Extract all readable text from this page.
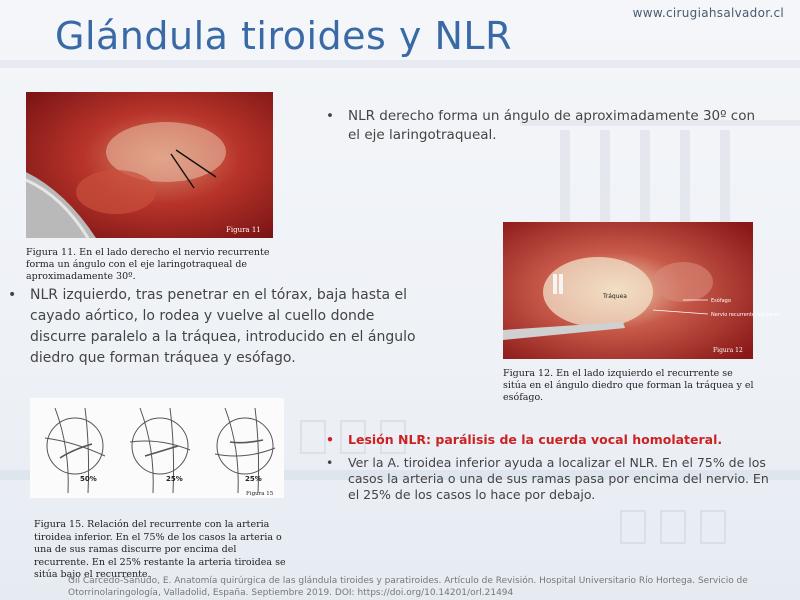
www.cirugiahsalvador.cl
Glándula tiroides y NLR
Figura 11
Figura 11. En el lado derecho el nervio recurrente forma un ángulo con el eje laringotraqueal de aproximadamente 30º.
•	NLR derecho forma un ángulo de aproximadamente 30º con el eje laringotraqueal.
Tráquea
Esófago
Nervio recurrente izquierdo
Figura 12
Figura 12. En el lado izquierdo el recurrente se sitúa en el ángulo diedro que forman la tráquea y el esófago.
• NLR izquierdo, tras penetrar en el tórax, baja hasta el cayado aórtico, lo rodea y vuelve al cuello donde discurre paralelo a la tráquea, introducido en el ángulo diedro que forman tráquea y esófago.
50%	25%	25%
Figura 15
Figura 15. Relación del recurrente con la arteria tiroidea inferior. En el 75% de los casos la arteria o una de sus ramas discurre por encima del recurrente. En el 25% restante la arteria tiroidea se sitúa bajo el recurrente.
•	Lesión NLR: parálisis de la cuerda vocal homolateral.
•	Ver la A. tiroidea inferior ayuda a localizar el NLR. En el 75% de los casos la arteria o una de sus ramas pasa por encima del nervio. En el 25% de los casos lo hace por debajo.
Gil Carcedo-Sañudo, E. Anatomía quirúrgica de las glándula tiroides y paratiroides. Artículo de Revisión. Hospital Universitario Río Hortega. Servicio de Otorrinolaringología, Valladolid, España. Septiembre 2019. DOI: https://doi.org/10.14201/orl.21494
